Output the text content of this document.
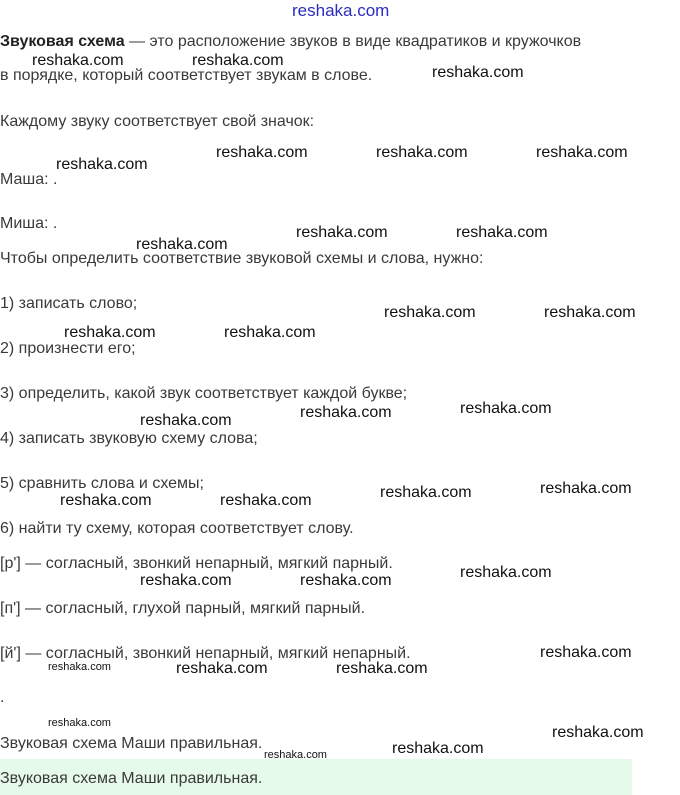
reshaka.com

Звуковая схема — это расположение звуков в виде квадратиков и кружочков

в порядке, который соответствует звукам в слове.

Каждому звуку соответствует свой значок:

Маша: .

Миша: .

Чтобы определить соответствие звуковой схемы и слова, нужно:

1) записать слово;

2) произнести его;

3) определить, какой звук соответствует каждой букве;

4) записать звуковую схему слова;

5) сравнить слова и схемы;

6) найти ту схему, которая соответствует слову.

[р'] — согласный, звонкий непарный, мягкий парный.

[п'] — согласный, глухой парный, мягкий парный.

[й'] — согласный, звонкий непарный, мягкий непарный.

.

Звуковая схема Маши правильная.

Звуковая схема Маши правильная.
reshaka.com	reshaka.com
reshaka.com
reshaka.com
reshaka.com	reshaka.com	reshaka.com
reshaka.com
reshaka.com	reshaka.com
reshaka.com	reshaka.com
reshaka.com	reshaka.com
reshaka.com	reshaka.com
reshaka.com
reshaka.com	reshaka.com
reshaka.com	reshaka.com
reshaka.com
reshaka.com	reshaka.com
reshaka.com
reshaka.com	reshaka.com	reshaka.com
reshaka.com
reshaka.com
reshaka.com
reshaka.com
